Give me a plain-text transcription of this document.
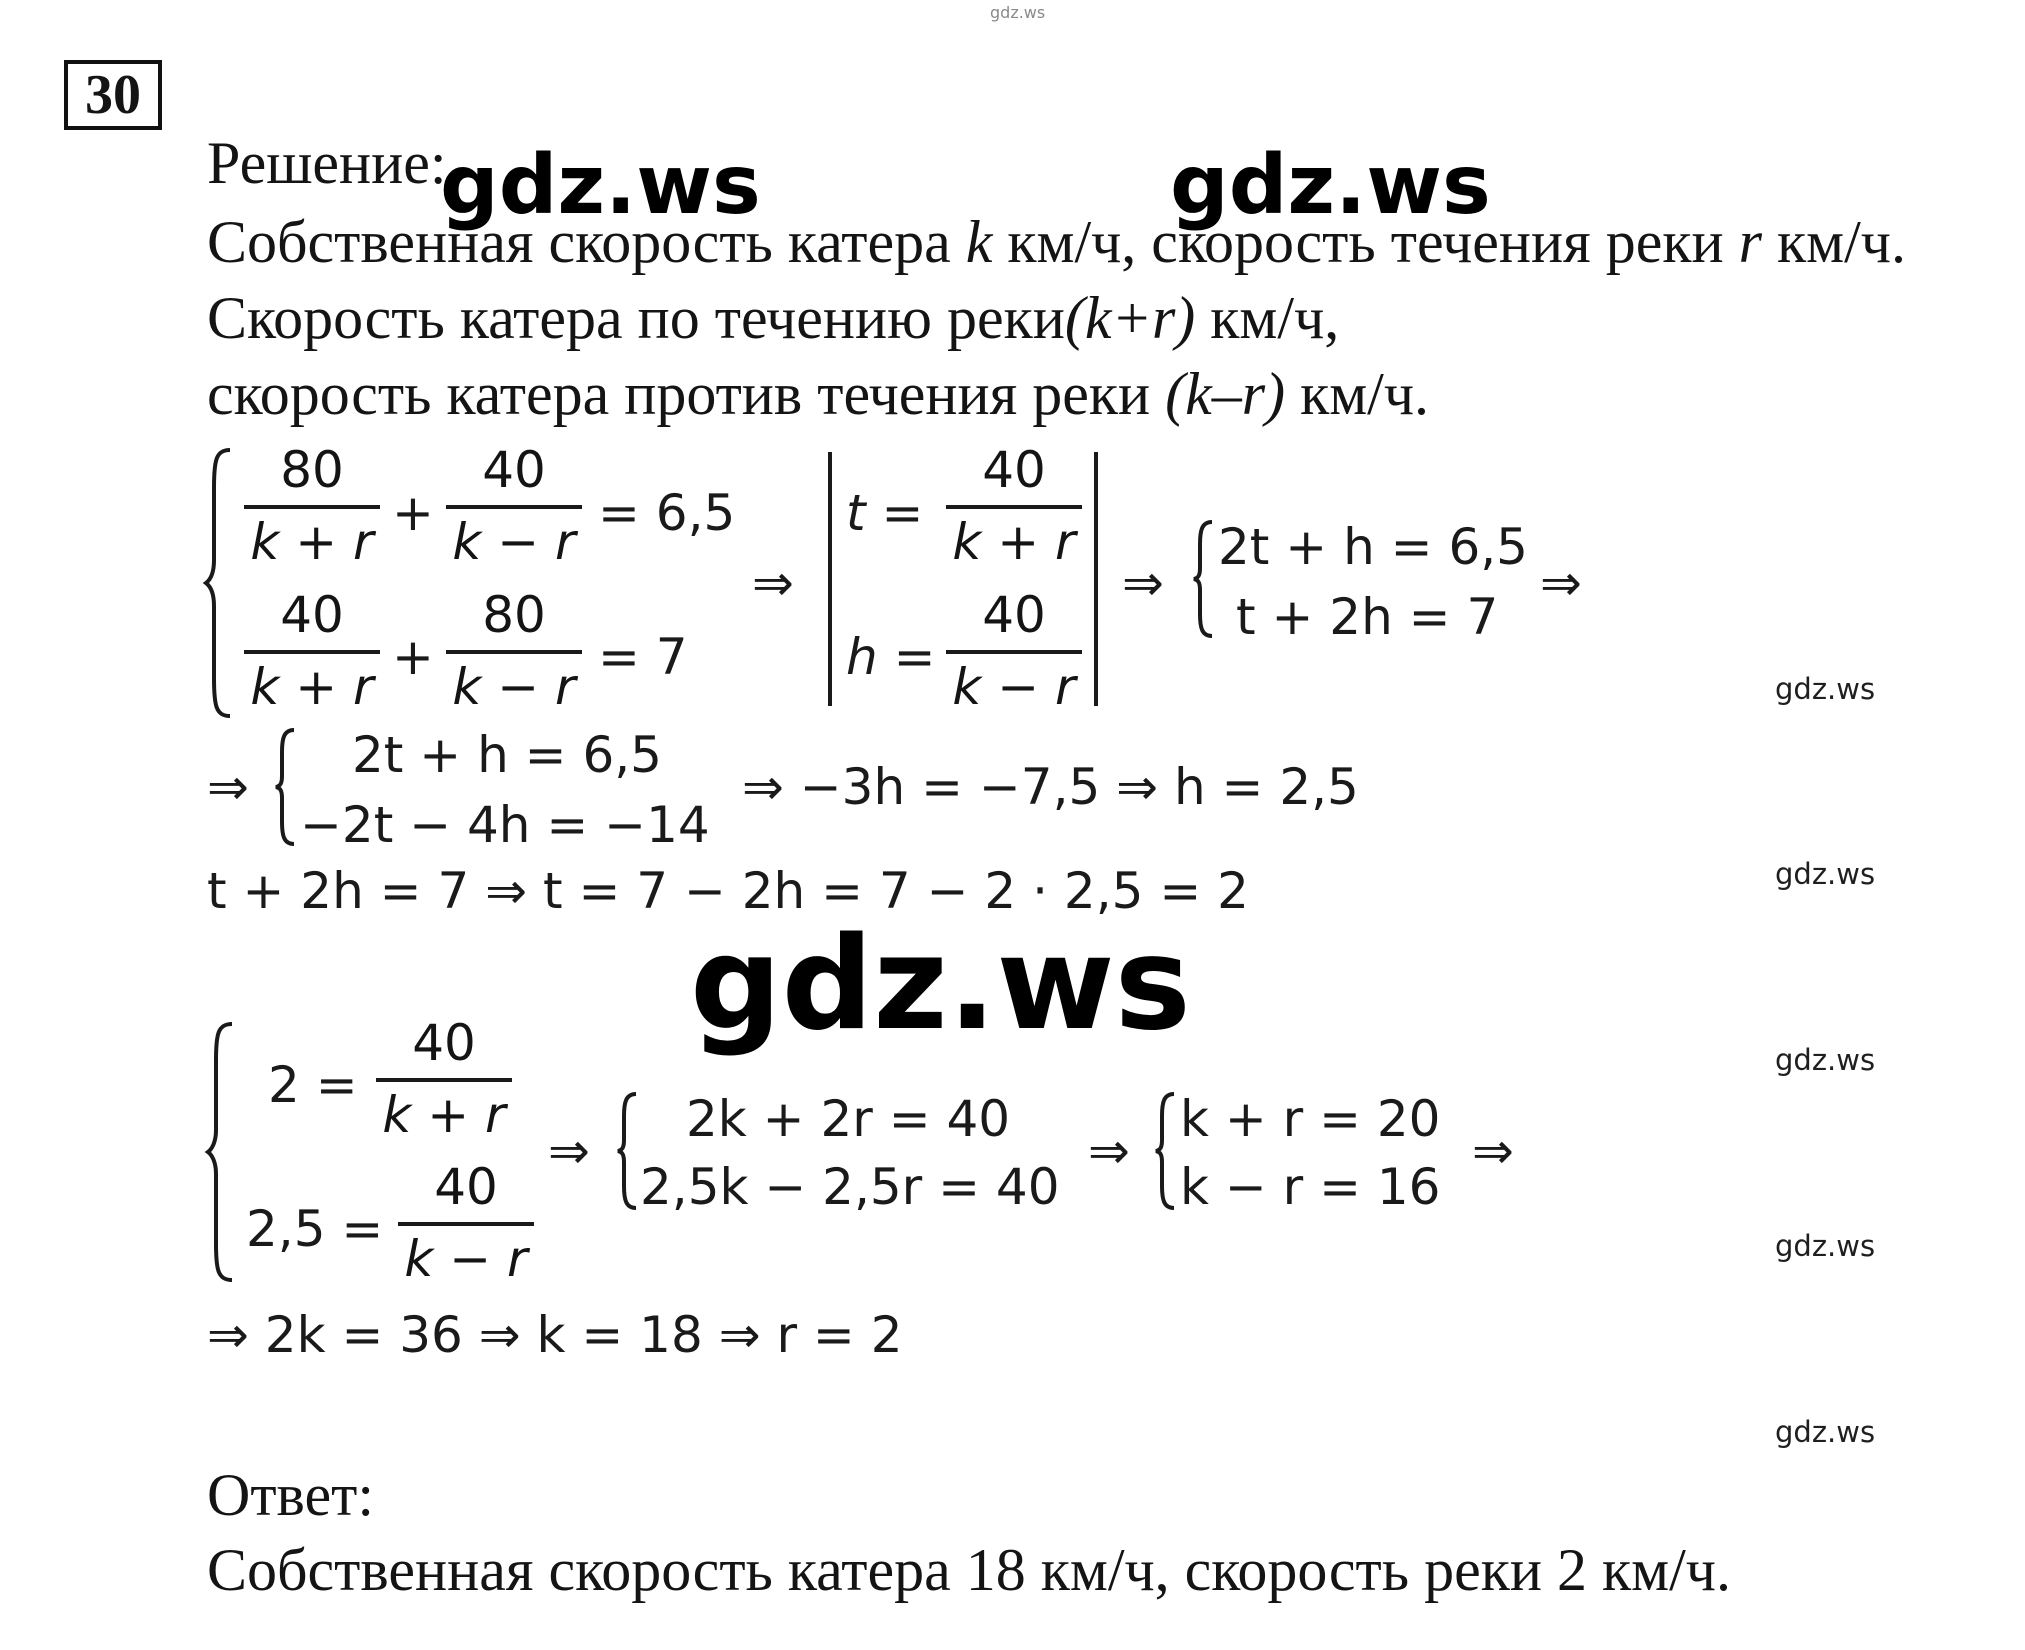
gdz.ws
30
Решение:
Собственная скорость катера k км/ч, скорость течения реки r км/ч.
Скорость катера по течению реки(k+r) км/ч,
скорость катера против течения реки (k–r) км/ч.
$\frac{80}{k + r} + \frac{40}{k - r} = 6,5$
$\frac{40}{k + r} + \frac{80}{k - r} = 7$
⇒
$t = \frac{40}{k + r}$
$h = \frac{40}{k - r}$
⇒
2t + h = 6,5
t + 2h = 7
⇒
⇒
2t + h = 6,5
−2t − 4h = −14
⇒ −3h = −7,5 ⇒ h = 2,5
t + 2h = 7 ⇒ t = 7 − 2h = 7 − 2 · 2,5 = 2
gdz.ws	gdz.ws
gdz.ws
$2 = \frac{40}{k + r}$
$2,5 = \frac{40}{k - r}$
⇒
2k + 2r = 40
2,5k − 2,5r = 40
⇒
k + r = 20
k − r = 16
⇒
⇒ 2k = 36 ⇒ k = 18 ⇒ r = 2
Ответ:
Собственная скорость катера 18 км/ч, скорость реки 2 км/ч.
gdz.ws
gdz.ws
gdz.ws
gdz.ws
gdz.ws
